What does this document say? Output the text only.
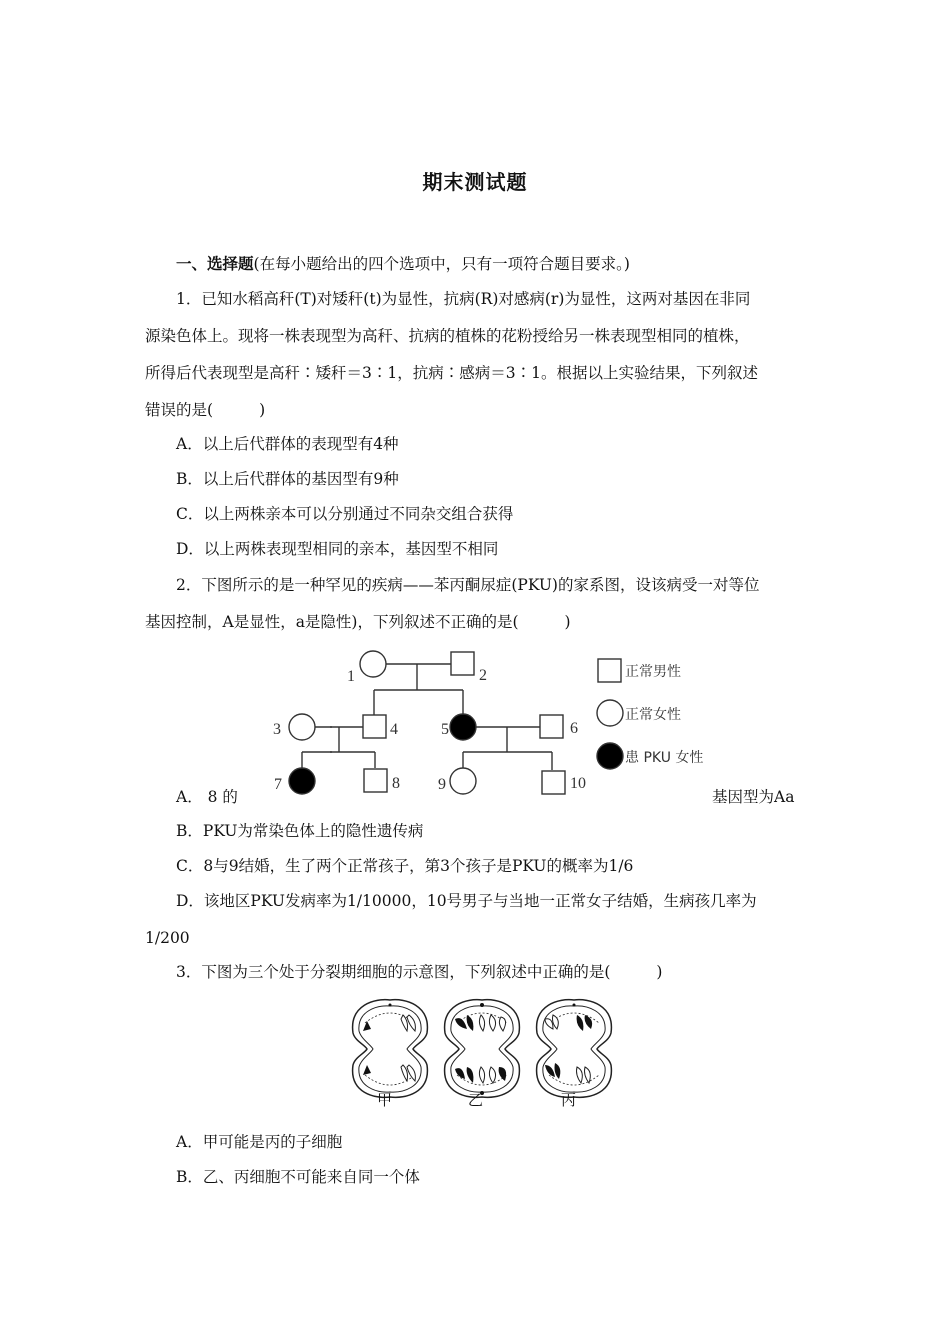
期末测试题
一、选择题(在每小题给出的四个选项中，只有一项符合题目要求。)
1．已知水稻高秆(T)对矮秆(t)为显性，抗病(R)对感病(r)为显性，这两对基因在非同
源染色体上。现将一株表现型为高秆、抗病的植株的花粉授给另一株表现型相同的植株，
所得后代表现型是高秆∶矮秆＝3∶1，抗病∶感病＝3∶1。根据以上实验结果，下列叙述
错误的是(	)
A．以上后代群体的表现型有4种
B．以上后代群体的基因型有9种
C．以上两株亲本可以分别通过不同杂交组合获得
D．以上两株表现型相同的亲本，基因型不相同
2．下图所示的是一种罕见的疾病——苯丙酮尿症(PKU)的家系图，设该病受一对等位
基因控制，A是显性，a是隐性)，下列叙述不正确的是(	)
1	2
5
4	6
8 9	10
正常男性
正常女性
患 PKU 女性
3
7
A． 8 的	基因型为Aa
B．PKU为常染色体上的隐性遗传病
C．8与9结婚，生了两个正常孩子，第3个孩子是PKU的概率为1/6
D．该地区PKU发病率为1/10000，10号男子与当地一正常女子结婚，生病孩几率为
1/200
3．下图为三个处于分裂期细胞的示意图，下列叙述中正确的是(	)
甲	乙	丙
A．甲可能是丙的子细胞
B．乙、丙细胞不可能来自同一个体
